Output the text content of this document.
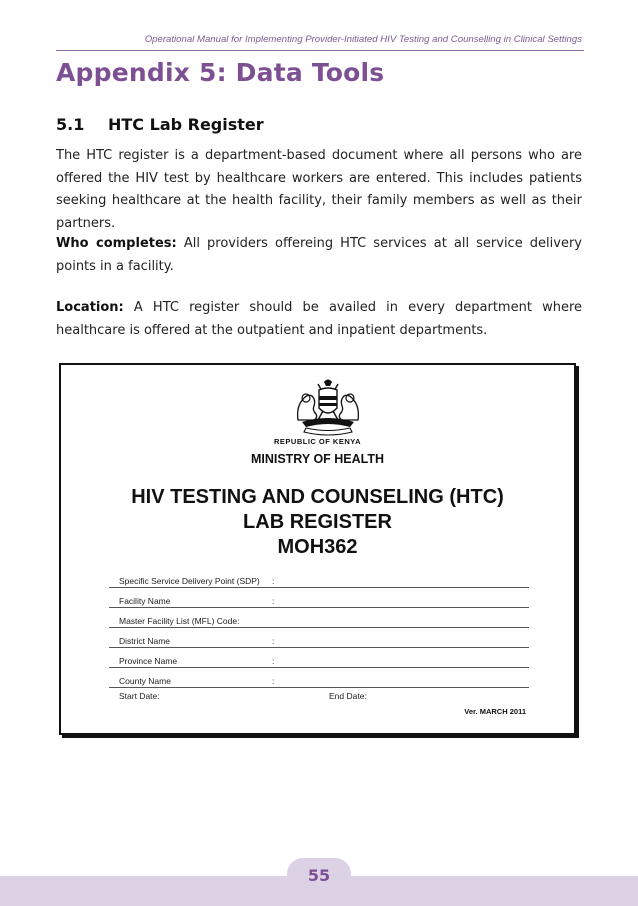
Operational Manual for Implementing Provider-Initiated HIV Testing and Counselling in Clinical Settings
Appendix 5: Data Tools
5.1 HTC Lab Register

The HTC register is a department-based document where all persons who are offered the HIV test by healthcare workers are entered. This includes patients seeking healthcare at the health facility, their family members as well as their partners.

Who completes: All providers offereing HTC services at all service delivery points in a facility.

Location: A HTC register should be availed in every department where healthcare is offered at the outpatient and inpatient departments.

REPUBLIC OF KENYA
MINISTRY OF HEALTH
HIV TESTING AND COUNSELING (HTC)
LAB REGISTER
MOH362
Specific Service Delivery Point (SDP) :
Facility Name	:
Master Facility List (MFL) Code:
District Name	:
Province Name	:
County Name	:
Start Date:	End Date:
Ver. MARCH 2011
55
